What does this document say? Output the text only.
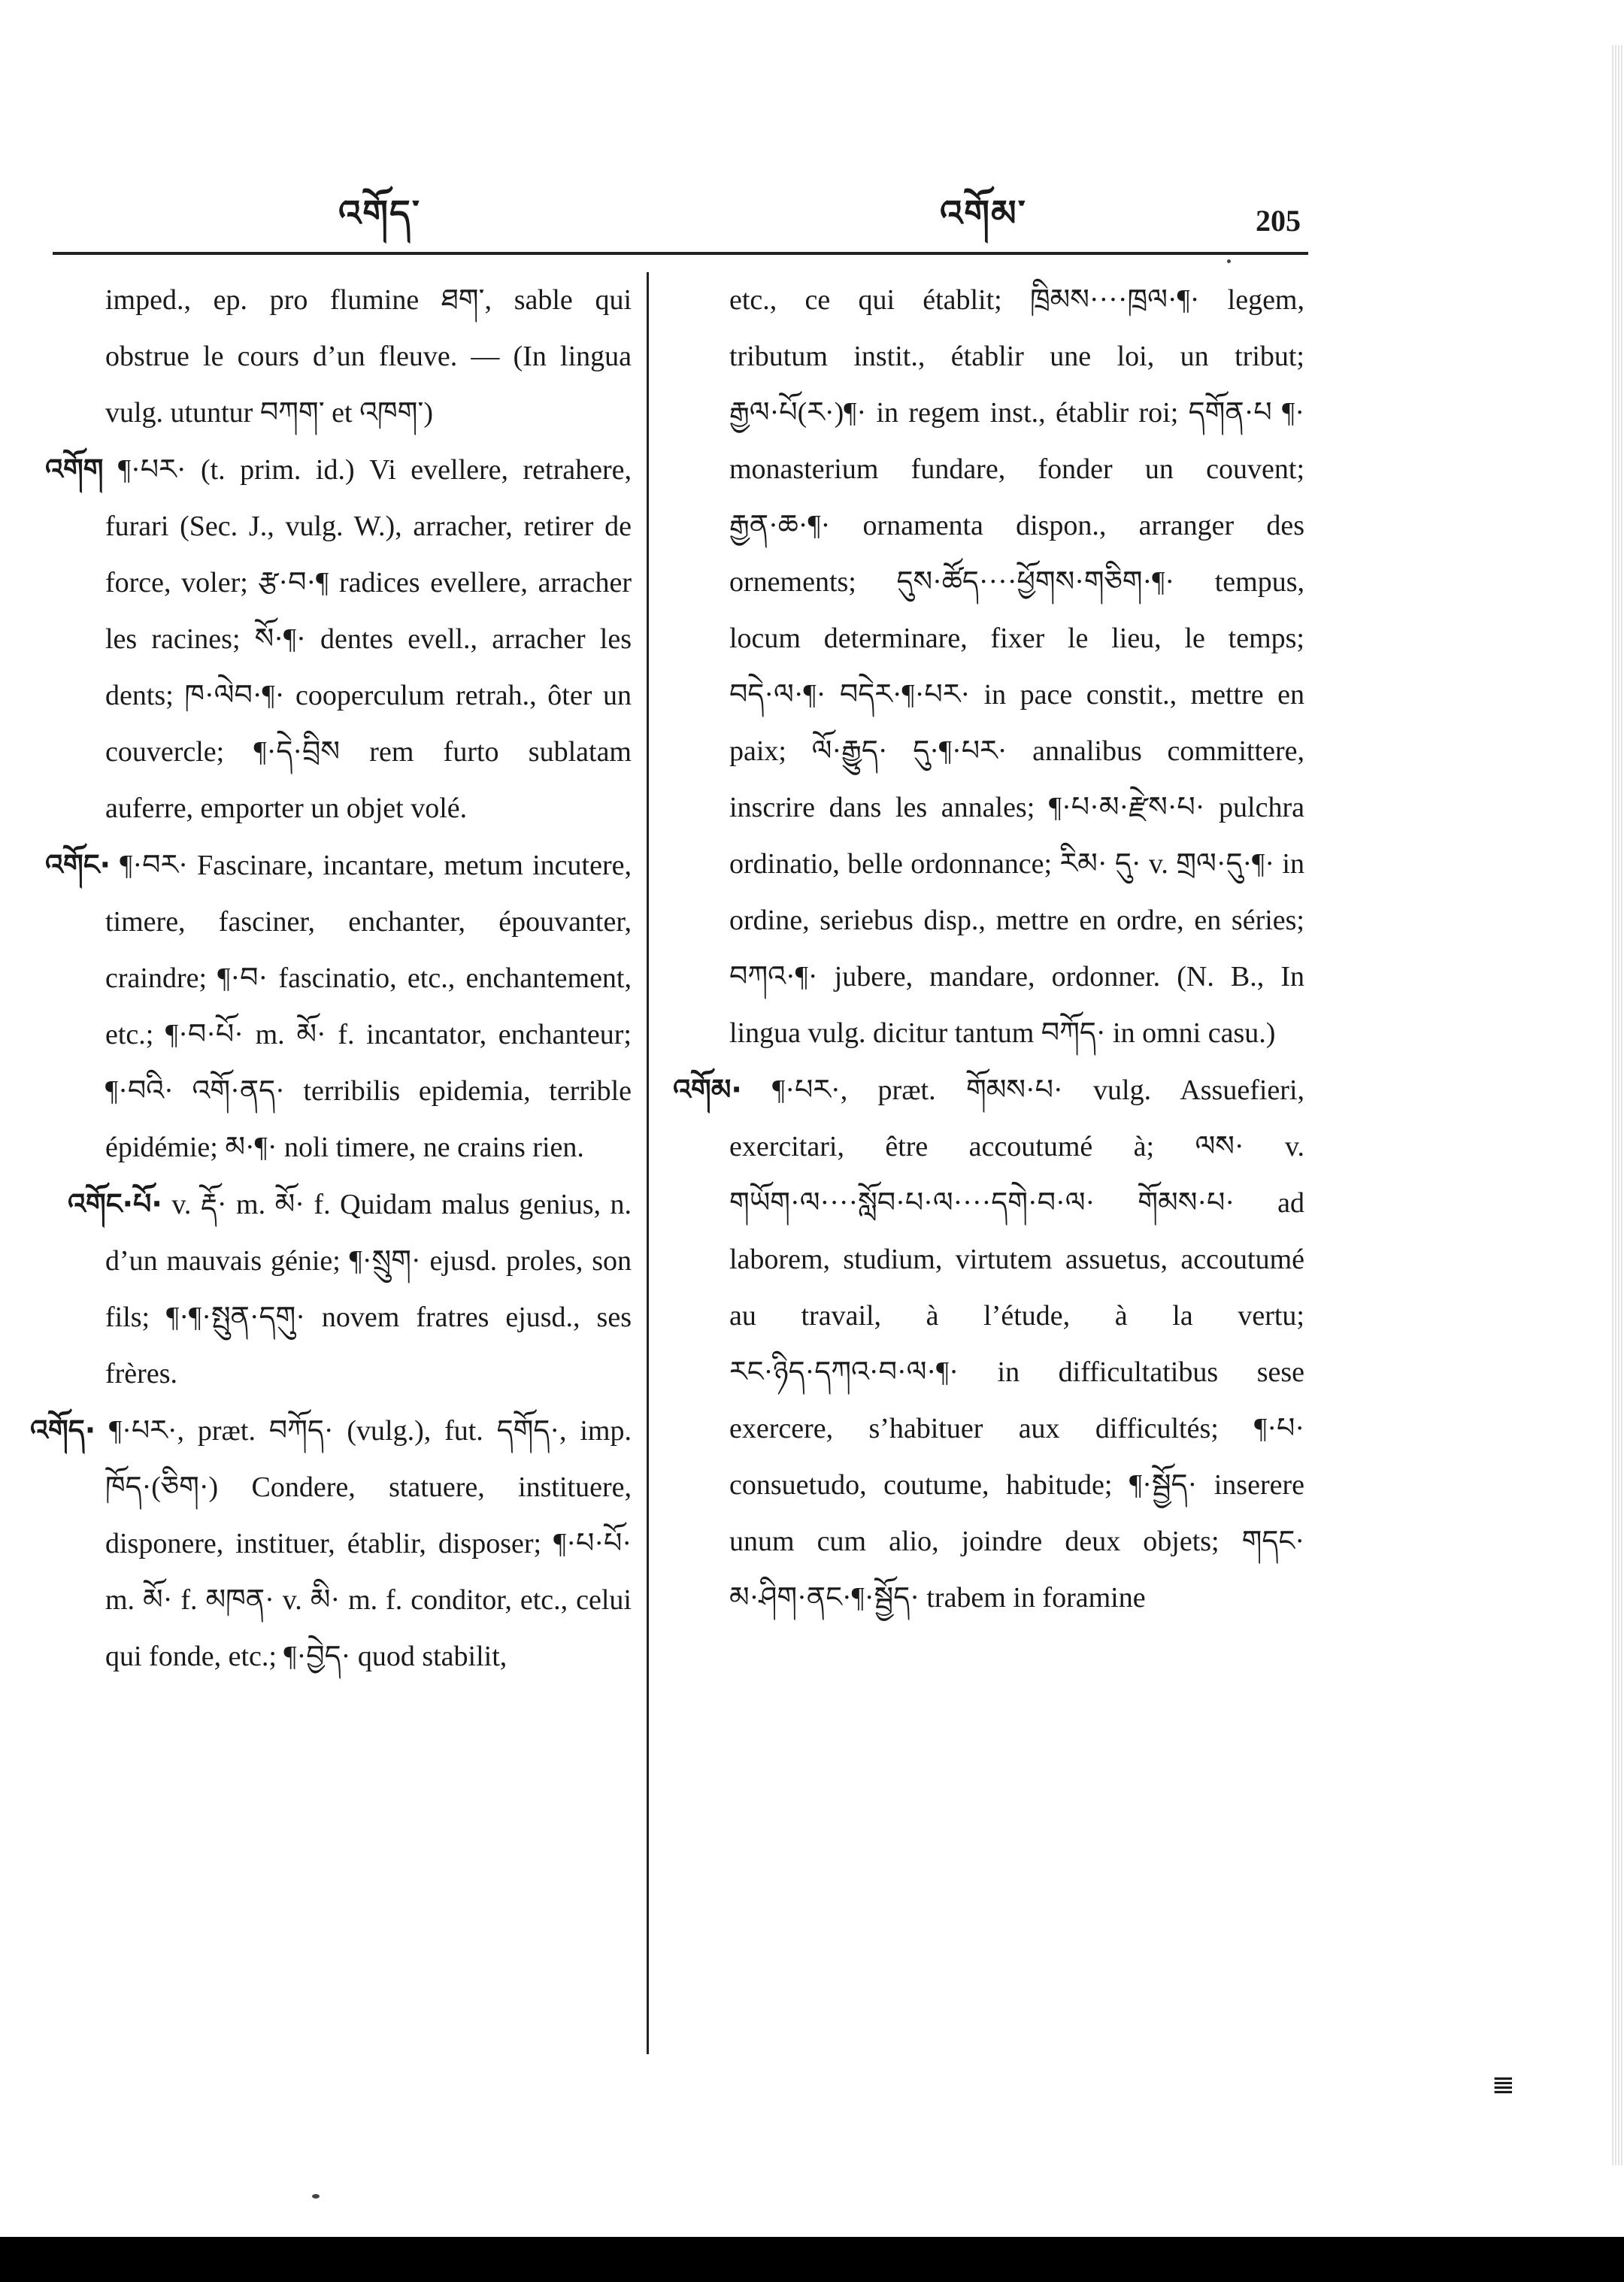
འགོད་	འགོམ་	205

imped., ep. pro flumine ཐག་, sable qui obstrue le cours d’un fleuve. — (In lingua vulg. utuntur བཀག་ et འཁག་)

འགོག ¶·པར· (t. prim. id.) Vi evellere, retrahere, furari (Sec. J., vulg. W.), arracher, retirer de force, voler; རྩ·བ·¶ radices evellere, arracher les racines; སོ·¶· dentes evell., arracher les dents; ཁ·ལེབ·¶· cooperculum retrah., ôter un couvercle; ¶·དེ·བྲིས rem furto sublatam auferre, emporter un objet volé.

འགོང· ¶·བར· Fascinare, incantare, metum incutere, timere, fasciner, enchanter, épouvanter, craindre; ¶·བ· fascinatio, etc., enchantement, etc.; ¶·བ·པོ· m. མོ· f. incantator, enchanteur; ¶·བའི· འགོ·ནད· terribilis epidemia, terrible épidémie; མ·¶· noli timere, ne crains rien.

འགོང·པོ· v. རྡོ· m. མོ· f. Quidam malus genius, n. d’un mauvais génie; ¶·སྲུག· ejusd. proles, son fils; ¶·¶·སྤུན·དགུ· novem fratres ejusd., ses frères.

འགོད· ¶·པར·, præt. བཀོད· (vulg.), fut. དགོད·, imp. ཁོད·(ཅིག·) Condere, statuere, instituere, disponere, instituer, établir, disposer; ¶·པ·པོ· m. མོ· f. མཁན· v. མི· m. f. conditor, etc., celui qui fonde, etc.; ¶·བྱེད· quod stabilit,

etc., ce qui établit; ཁྲིམས····ཁྲལ·¶· legem, tributum instit., établir une loi, un tribut; རྒྱལ·པོ(ར·)¶· in regem inst., établir roi; དགོན·པ ¶· monasterium fundare, fonder un couvent; རྒྱན·ཆ·¶· ornamenta dispon., arranger des ornements; དུས·ཚོད····ཕྱོགས·གཅིག·¶· tempus, locum determinare, fixer le lieu, le temps; བདེ·ལ·¶· བདེར·¶·པར· in pace constit., mettre en paix; ལོ·རྒྱུད· དུ·¶·པར· annalibus committere, inscrire dans les annales; ¶·པ·མ·རྫེས·པ· pulchra ordinatio, belle ordonnance; རིམ· དུ· v. གྲལ·དུ·¶· in ordine, seriebus disp., mettre en ordre, en séries; བཀའ·¶· jubere, mandare, ordonner. (N. B., In lingua vulg. dicitur tantum བཀོད· in omni casu.)

འགོམ· ¶·པར·, præt. གོམས·པ· vulg. Assuefieri, exercitari, être accoutumé à; ལས· v. གཡོག·ལ····སློབ·པ·ལ····དགེ·བ·ལ· གོམས·པ· ad laborem, studium, virtutem assuetus, accoutumé au travail, à l’étude, à la vertu; རང·ཉིད·དཀའ·བ·ལ·¶· in difficultatibus sese exercere, s’habituer aux difficultés; ¶·པ· consuetudo, coutume, habitude; ¶·སྦྱོད· inserere unum cum alio, joindre deux objets; གདང· མ·ཤིག·ནང·¶·སྦྱོད· trabem in foramine

𝌆
